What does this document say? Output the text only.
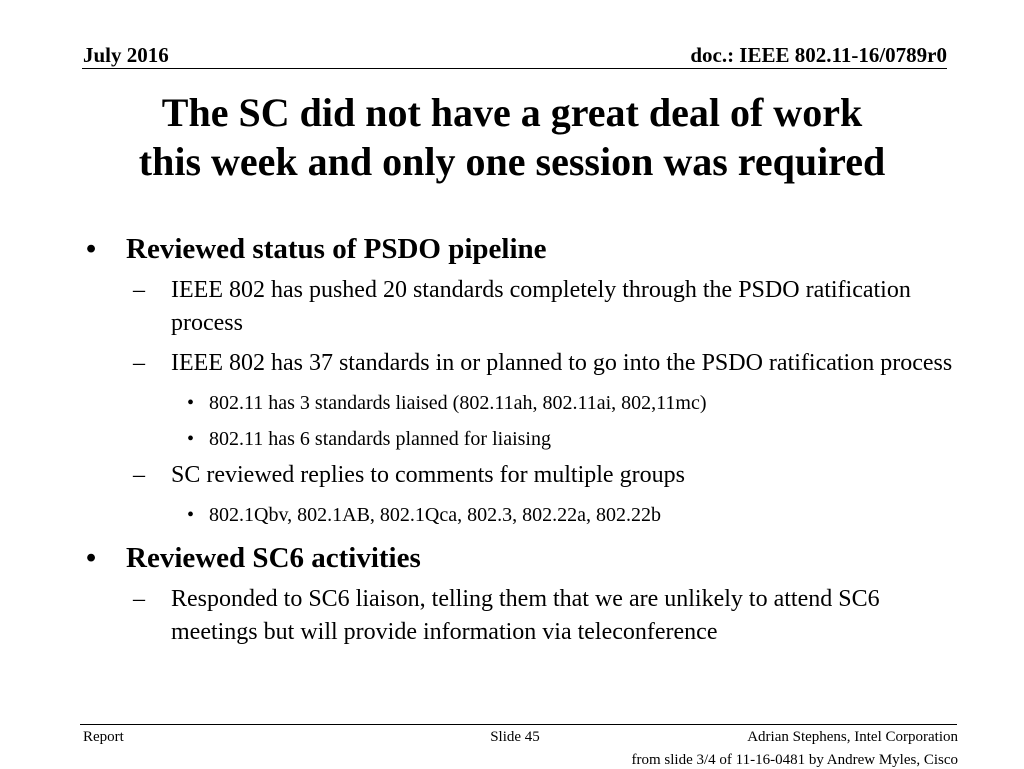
July 2016	doc.: IEEE 802.11-16/0789r0
The SC did not have a great deal of work
this week and only one session was required
•	Reviewed status of PSDO pipeline
– IEEE 802 has pushed 20 standards completely through the PSDO ratification process
– IEEE 802 has 37 standards in or planned to go into the PSDO ratification process
• 802.11 has 3 standards liaised (802.11ah, 802.11ai, 802,11mc)
• 802.11 has 6 standards planned for liaising
– SC reviewed replies to comments for multiple groups
• 802.1Qbv, 802.1AB, 802.1Qca, 802.3, 802.22a, 802.22b
•	Reviewed SC6 activities
– Responded to SC6 liaison, telling them that we are unlikely to attend SC6 meetings but will provide information via teleconference
Report	Slide 45	Adrian Stephens, Intel Corporation
from slide 3/4 of 11-16-0481 by Andrew Myles, Cisco
